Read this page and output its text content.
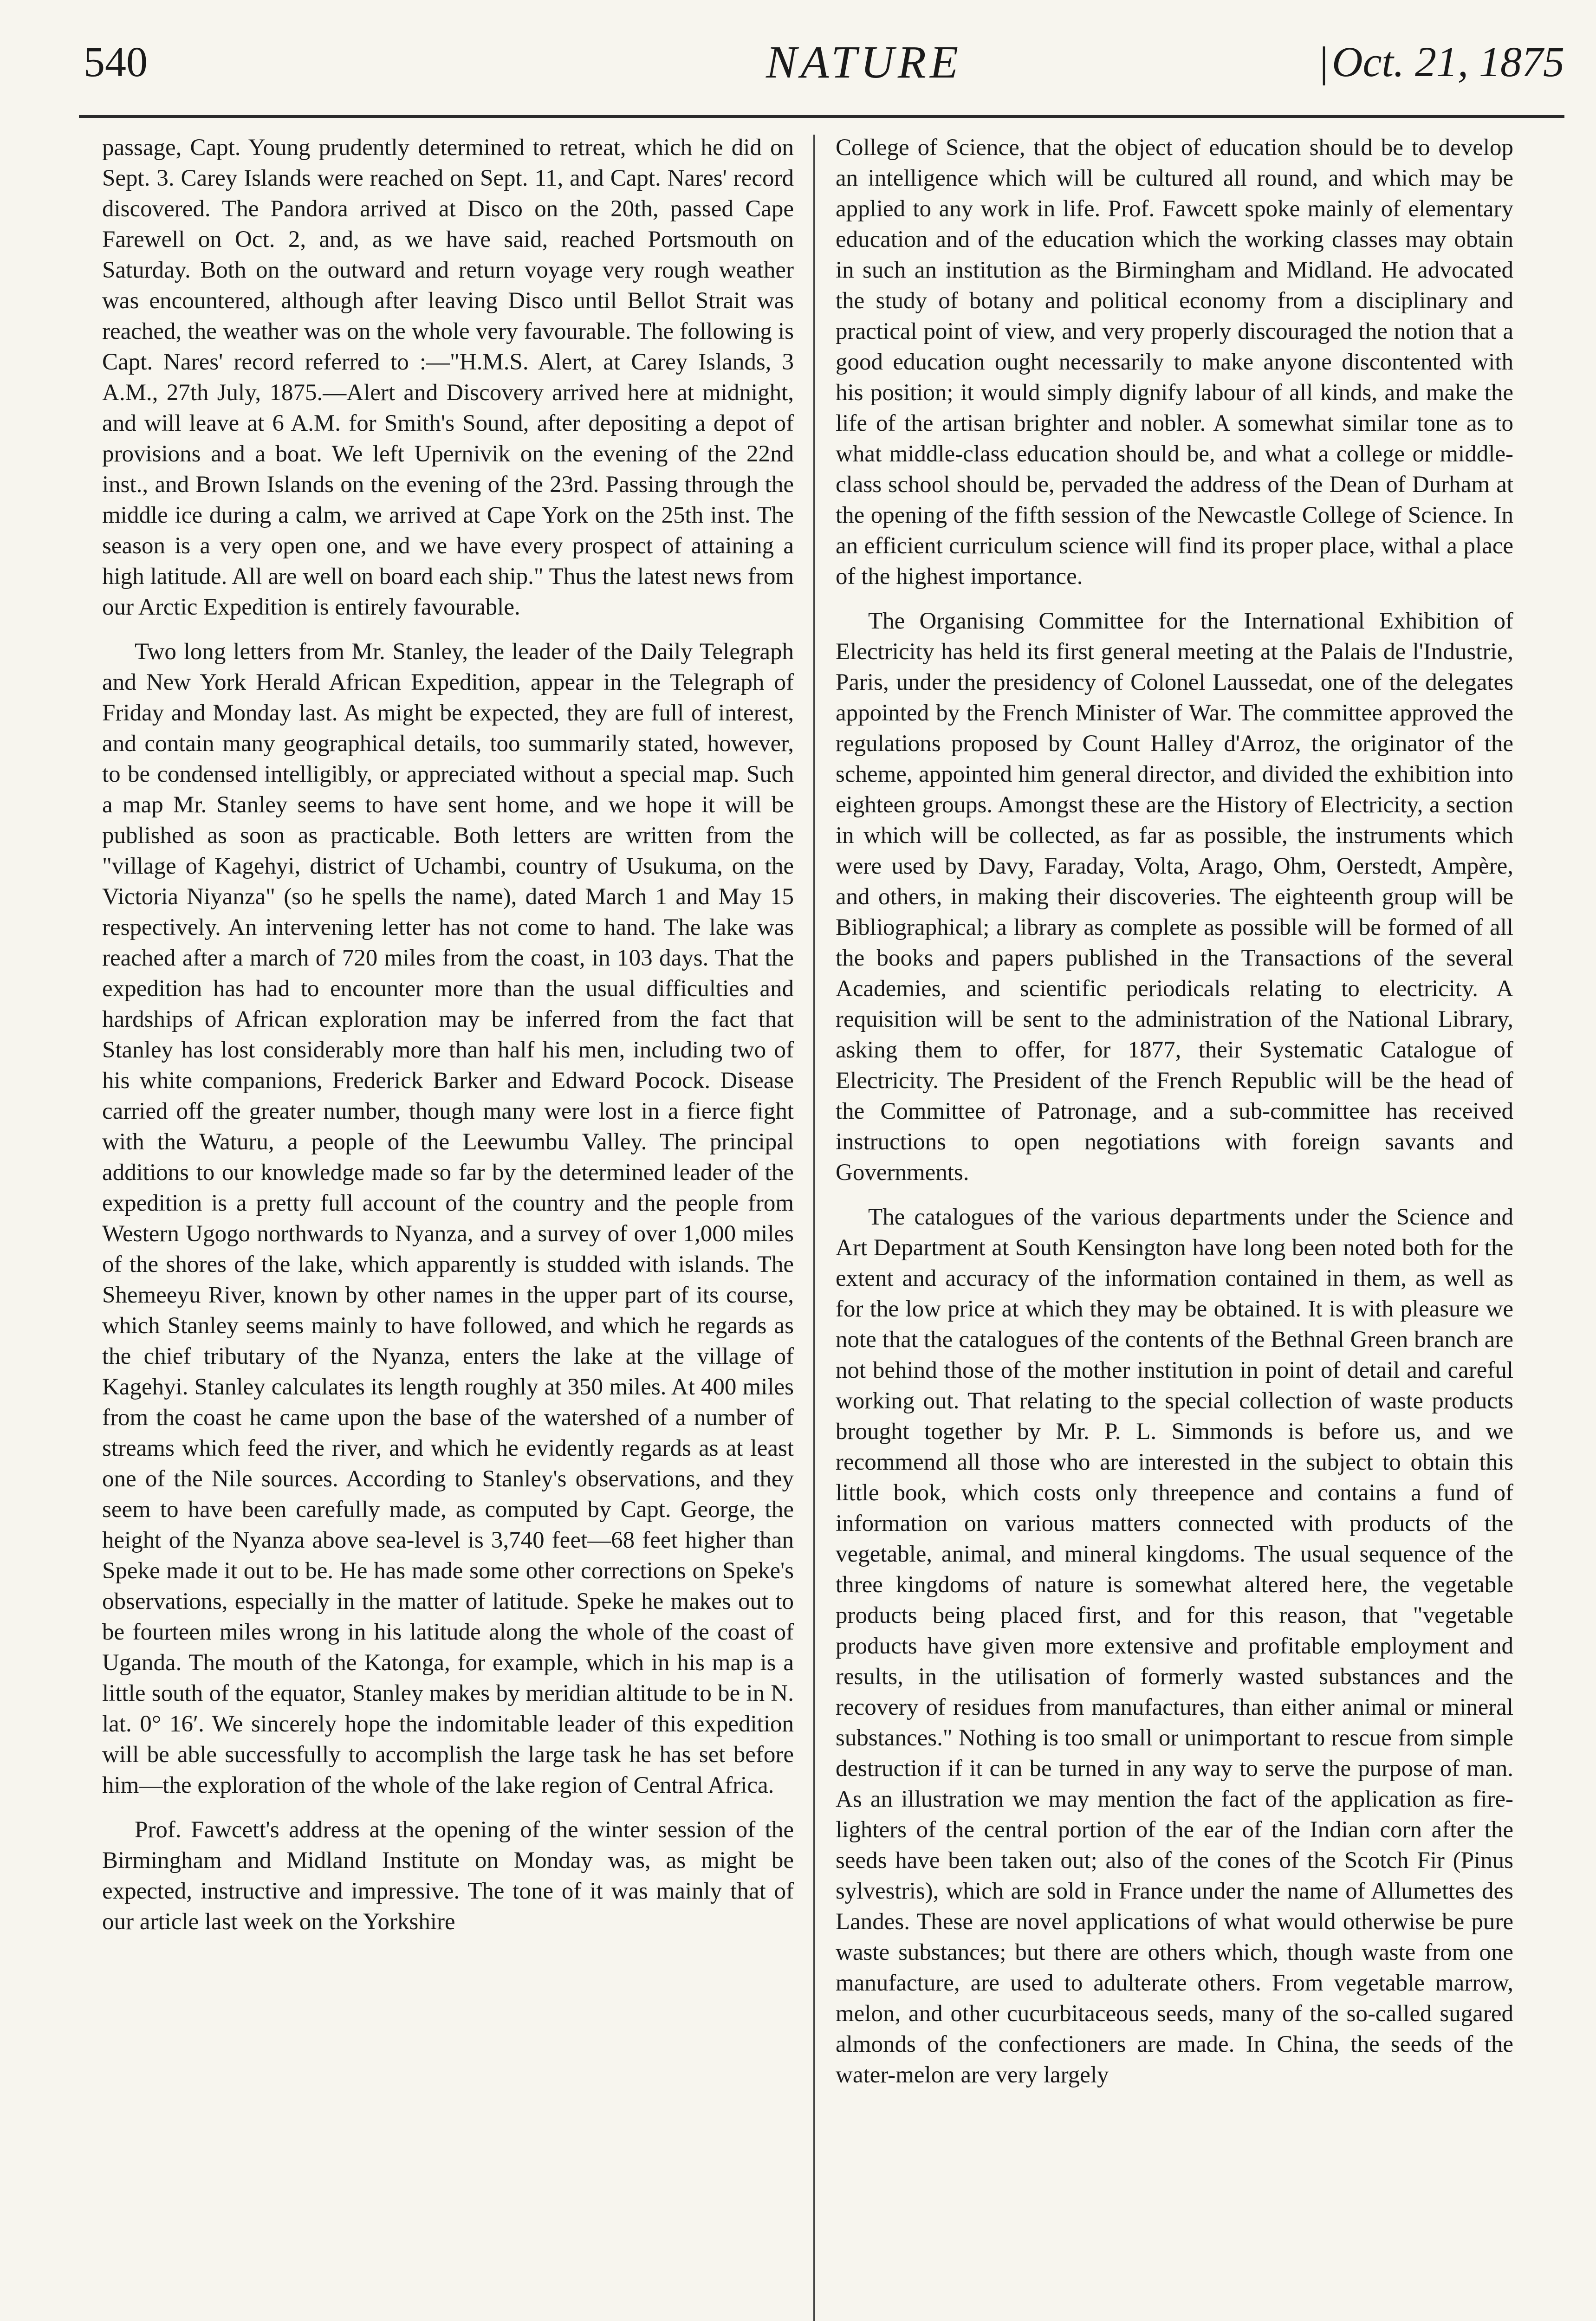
540	NATURE	|Oct. 21, 1875

passage, Capt. Young prudently determined to retreat, which he did on Sept. 3. Carey Islands were reached on Sept. 11, and Capt. Nares' record discovered. The Pandora arrived at Disco on the 20th, passed Cape Farewell on Oct. 2, and, as we have said, reached Portsmouth on Saturday. Both on the outward and return voyage very rough weather was encountered, although after leaving Disco until Bellot Strait was reached, the weather was on the whole very favourable. The following is Capt. Nares' record referred to :—"H.M.S. Alert, at Carey Islands, 3 A.M., 27th July, 1875.—Alert and Discovery arrived here at midnight, and will leave at 6 A.M. for Smith's Sound, after depositing a depot of provisions and a boat. We left Upernivik on the evening of the 22nd inst., and Brown Islands on the evening of the 23rd. Passing through the middle ice during a calm, we arrived at Cape York on the 25th inst. The season is a very open one, and we have every prospect of attaining a high latitude. All are well on board each ship." Thus the latest news from our Arctic Expedition is entirely favourable.

Two long letters from Mr. Stanley, the leader of the Daily Telegraph and New York Herald African Expedition, appear in the Telegraph of Friday and Monday last. As might be expected, they are full of interest, and contain many geographical details, too summarily stated, however, to be condensed intelligibly, or appreciated without a special map. Such a map Mr. Stanley seems to have sent home, and we hope it will be published as soon as practicable. Both letters are written from the "village of Kagehyi, district of Uchambi, country of Usukuma, on the Victoria Niyanza" (so he spells the name), dated March 1 and May 15 respectively. An intervening letter has not come to hand. The lake was reached after a march of 720 miles from the coast, in 103 days. That the expedition has had to encounter more than the usual difficulties and hardships of African exploration may be inferred from the fact that Stanley has lost considerably more than half his men, including two of his white companions, Frederick Barker and Edward Pocock. Disease carried off the greater number, though many were lost in a fierce fight with the Waturu, a people of the Leewumbu Valley. The principal additions to our knowledge made so far by the determined leader of the expedition is a pretty full account of the country and the people from Western Ugogo northwards to Nyanza, and a survey of over 1,000 miles of the shores of the lake, which apparently is studded with islands. The Shemeeyu River, known by other names in the upper part of its course, which Stanley seems mainly to have followed, and which he regards as the chief tributary of the Nyanza, enters the lake at the village of Kagehyi. Stanley calculates its length roughly at 350 miles. At 400 miles from the coast he came upon the base of the watershed of a number of streams which feed the river, and which he evidently regards as at least one of the Nile sources. According to Stanley's observations, and they seem to have been carefully made, as computed by Capt. George, the height of the Nyanza above sea-level is 3,740 feet—68 feet higher than Speke made it out to be. He has made some other corrections on Speke's observations, especially in the matter of latitude. Speke he makes out to be fourteen miles wrong in his latitude along the whole of the coast of Uganda. The mouth of the Katonga, for example, which in his map is a little south of the equator, Stanley makes by meridian altitude to be in N. lat. 0° 16′. We sincerely hope the indomitable leader of this expedition will be able successfully to accomplish the large task he has set before him—the exploration of the whole of the lake region of Central Africa.

Prof. Fawcett's address at the opening of the winter session of the Birmingham and Midland Institute on Monday was, as might be expected, instructive and impressive. The tone of it was mainly that of our article last week on the Yorkshire

College of Science, that the object of education should be to develop an intelligence which will be cultured all round, and which may be applied to any work in life. Prof. Fawcett spoke mainly of elementary education and of the education which the working classes may obtain in such an institution as the Birmingham and Midland. He advocated the study of botany and political economy from a disciplinary and practical point of view, and very properly discouraged the notion that a good education ought necessarily to make anyone discontented with his position; it would simply dignify labour of all kinds, and make the life of the artisan brighter and nobler. A somewhat similar tone as to what middle-class education should be, and what a college or middle-class school should be, pervaded the address of the Dean of Durham at the opening of the fifth session of the Newcastle College of Science. In an efficient curriculum science will find its proper place, withal a place of the highest importance.

The Organising Committee for the International Exhibition of Electricity has held its first general meeting at the Palais de l'Industrie, Paris, under the presidency of Colonel Laussedat, one of the delegates appointed by the French Minister of War. The committee approved the regulations proposed by Count Halley d'Arroz, the originator of the scheme, appointed him general director, and divided the exhibition into eighteen groups. Amongst these are the History of Electricity, a section in which will be collected, as far as possible, the instruments which were used by Davy, Faraday, Volta, Arago, Ohm, Oerstedt, Ampère, and others, in making their discoveries. The eighteenth group will be Bibliographical; a library as complete as possible will be formed of all the books and papers published in the Transactions of the several Academies, and scientific periodicals relating to electricity. A requisition will be sent to the administration of the National Library, asking them to offer, for 1877, their Systematic Catalogue of Electricity. The President of the French Republic will be the head of the Committee of Patronage, and a sub-committee has received instructions to open negotiations with foreign savants and Governments.

The catalogues of the various departments under the Science and Art Department at South Kensington have long been noted both for the extent and accuracy of the information contained in them, as well as for the low price at which they may be obtained. It is with pleasure we note that the catalogues of the contents of the Bethnal Green branch are not behind those of the mother institution in point of detail and careful working out. That relating to the special collection of waste products brought together by Mr. P. L. Simmonds is before us, and we recommend all those who are interested in the subject to obtain this little book, which costs only threepence and contains a fund of information on various matters connected with products of the vegetable, animal, and mineral kingdoms. The usual sequence of the three kingdoms of nature is somewhat altered here, the vegetable products being placed first, and for this reason, that "vegetable products have given more extensive and profitable employment and results, in the utilisation of formerly wasted substances and the recovery of residues from manufactures, than either animal or mineral substances." Nothing is too small or unimportant to rescue from simple destruction if it can be turned in any way to serve the purpose of man. As an illustration we may mention the fact of the application as fire-lighters of the central portion of the ear of the Indian corn after the seeds have been taken out; also of the cones of the Scotch Fir (Pinus sylvestris), which are sold in France under the name of Allumettes des Landes. These are novel applications of what would otherwise be pure waste substances; but there are others which, though waste from one manufacture, are used to adulterate others. From vegetable marrow, melon, and other cucurbitaceous seeds, many of the so-called sugared almonds of the confectioners are made. In China, the seeds of the water-melon are very largely
